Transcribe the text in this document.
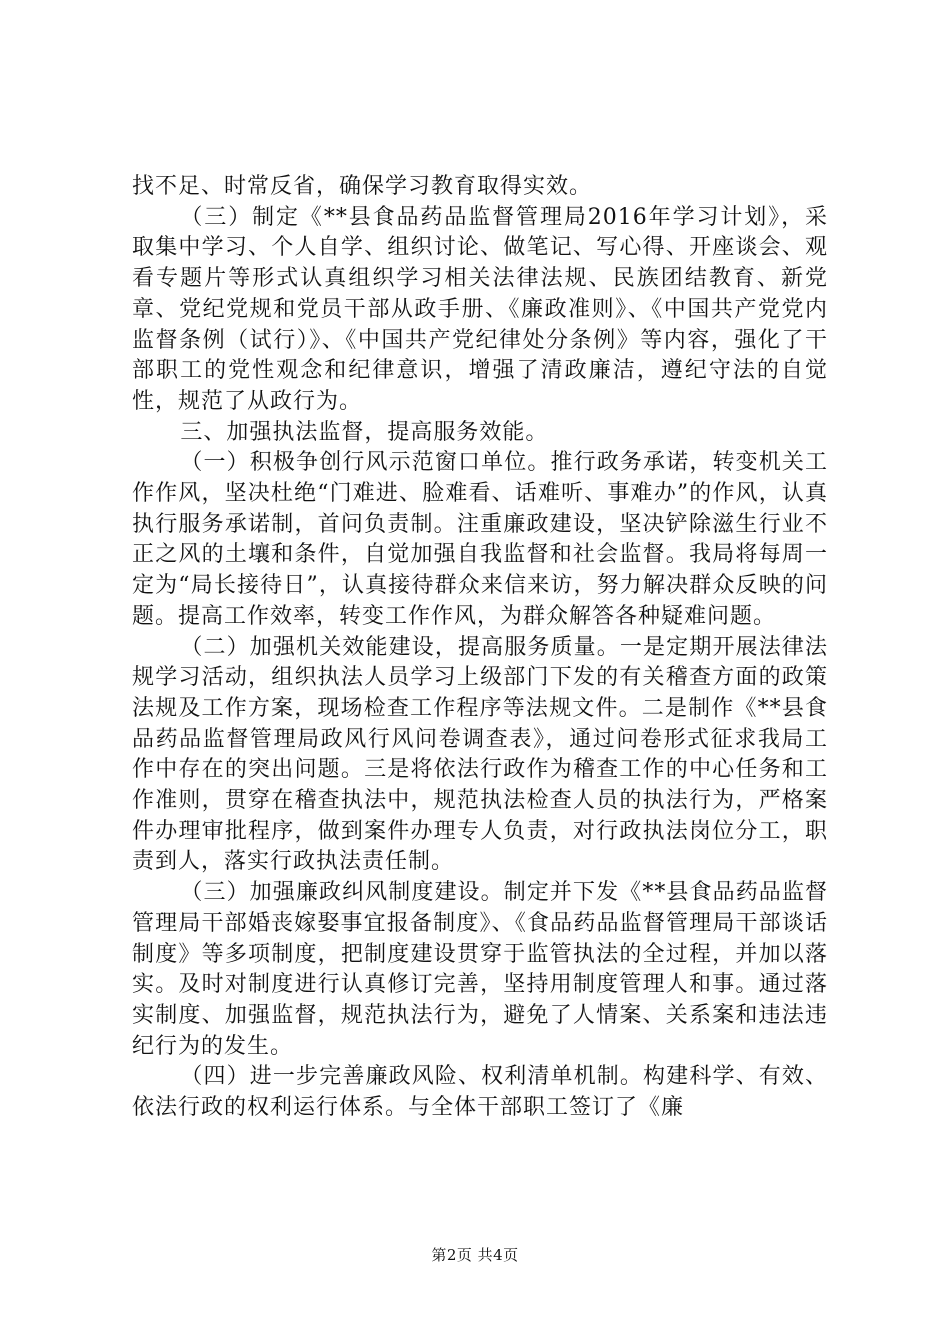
找不足、时常反省，确保学习教育取得实效。

（三）制定《**县食品药品监督管理局2016年学习计划》，采取集中学习、个人自学、组织讨论、做笔记、写心得、开座谈会、观看专题片等形式认真组织学习相关法律法规、民族团结教育、新党章、党纪党规和党员干部从政手册、《廉政准则》、《中国共产党党内监督条例（试行）》、《中国共产党纪律处分条例》等内容，强化了干部职工的党性观念和纪律意识，增强了清政廉洁，遵纪守法的自觉性，规范了从政行为。

三、加强执法监督，提高服务效能。

（一）积极争创行风示范窗口单位。推行政务承诺，转变机关工作作风，坚决杜绝“门难进、脸难看、话难听、事难办”的作风，认真执行服务承诺制，首问负责制。注重廉政建设，坚决铲除滋生行业不正之风的土壤和条件，自觉加强自我监督和社会监督。我局将每周一定为“局长接待日”，认真接待群众来信来访，努力解决群众反映的问题。提高工作效率，转变工作作风，为群众解答各种疑难问题。

（二）加强机关效能建设，提高服务质量。一是定期开展法律法规学习活动，组织执法人员学习上级部门下发的有关稽查方面的政策法规及工作方案，现场检查工作程序等法规文件。二是制作《**县食品药品监督管理局政风行风问卷调查表》，通过问卷形式征求我局工作中存在的突出问题。三是将依法行政作为稽查工作的中心任务和工作准则，贯穿在稽查执法中，规范执法检查人员的执法行为，严格案件办理审批程序，做到案件办理专人负责，对行政执法岗位分工，职责到人，落实行政执法责任制。

（三）加强廉政纠风制度建设。制定并下发《**县食品药品监督管理局干部婚丧嫁娶事宜报备制度》、《食品药品监督管理局干部谈话制度》等多项制度，把制度建设贯穿于监管执法的全过程，并加以落实。及时对制度进行认真修订完善，坚持用制度管理人和事。通过落实制度、加强监督，规范执法行为，避免了人情案、关系案和违法违纪行为的发生。

（四）进一步完善廉政风险、权利清单机制。构建科学、有效、依法行政的权利运行体系。与全体干部职工签订了《廉

第2页 共4页
